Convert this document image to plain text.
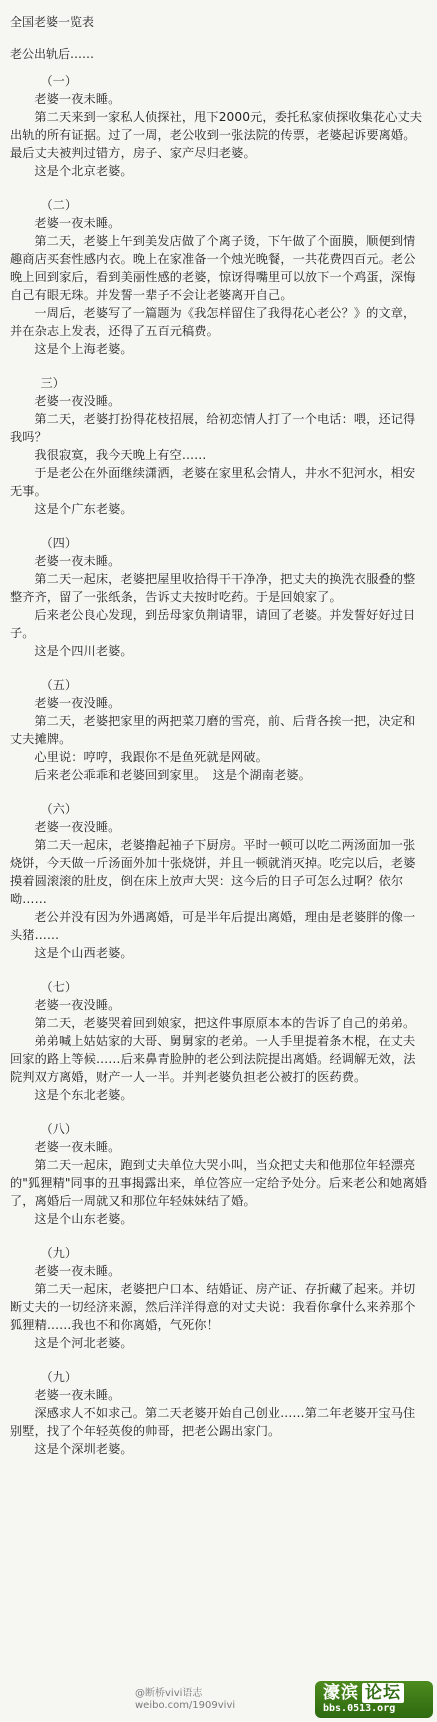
全国老婆一览表
老公出轨后……
（一）
老婆一夜未睡。
第二天来到一家私人侦探社，甩下2000元，委托私家侦探收集花心丈夫出轨的所有证据。过了一周，老公收到一张法院的传票，老婆起诉要离婚。最后丈夫被判过错方，房子、家产尽归老婆。
这是个北京老婆。
（二）
老婆一夜未睡。
第二天，老婆上午到美发店做了个离子烫，下午做了个面膜，顺便到情趣商店买套性感内衣。晚上在家准备一个烛光晚餐，一共花费四百元。老公晚上回到家后，看到美丽性感的老婆，惊讶得嘴里可以放下一个鸡蛋，深悔自己有眼无珠。并发誓一辈子不会让老婆离开自己。
一周后，老婆写了一篇题为《我怎样留住了我得花心老公？》的文章，并在杂志上发表，还得了五百元稿费。
这是个上海老婆。
三）
老婆一夜没睡。
第二天，老婆打扮得花枝招展，给初恋情人打了一个电话：喂，还记得我吗？
我很寂寞，我今天晚上有空……
于是老公在外面继续潇洒，老婆在家里私会情人，井水不犯河水，相安无事。
这是个广东老婆。
（四）
老婆一夜未睡。
第二天一起床，老婆把屋里收拾得干干净净，把丈夫的换洗衣服叠的整整齐齐，留了一张纸条，告诉丈夫按时吃药。于是回娘家了。
后来老公良心发现，到岳母家负荆请罪，请回了老婆。并发誓好好过日子。
这是个四川老婆。
（五）
老婆一夜没睡。
第二天，老婆把家里的两把菜刀磨的雪亮，前、后背各挨一把，决定和丈夫摊牌。
心里说：哼哼，我跟你不是鱼死就是网破。
后来老公乖乖和老婆回到家里。　这是个湖南老婆。
（六）
老婆一夜没睡。
第二天一起床，老婆撸起袖子下厨房。平时一顿可以吃二两汤面加一张烧饼，今天做一斤汤面外加十张烧饼，并且一顿就消灭掉。吃完以后，老婆摸着圆滚滚的肚皮，倒在床上放声大哭：这今后的日子可怎么过啊？依尔呦……
老公并没有因为外遇离婚，可是半年后提出离婚，理由是老婆胖的像一头猪……
这是个山西老婆。
（七）
老婆一夜没睡。
第二天，老婆哭着回到娘家，把这件事原原本本的告诉了自己的弟弟。
弟弟喊上姑姑家的大哥、舅舅家的老弟。一人手里提着条木棍，在丈夫回家的路上等候……后来鼻青脸肿的老公到法院提出离婚。经调解无效，法院判双方离婚，财产一人一半。并判老婆负担老公被打的医药费。
这是个东北老婆。
（八）
老婆一夜未睡。
第二天一起床，跑到丈夫单位大哭小叫，当众把丈夫和他那位年轻漂亮的"狐狸精"同事的丑事揭露出来，单位答应一定给予处分。后来老公和她离婚了，离婚后一周就又和那位年轻妹妹结了婚。
这是个山东老婆。
（九）
老婆一夜未睡。
第二天一起床，老婆把户口本、结婚证、房产证、存折藏了起来。并切断丈夫的一切经济来源，然后洋洋得意的对丈夫说：我看你拿什么来养那个狐狸精……我也不和你离婚，气死你！
这是个河北老婆。
（九）
老婆一夜未睡。
深感求人不如求己。第二天老婆开始自己创业……第二年老婆开宝马住别墅，找了个年轻英俊的帅哥，把老公踢出家门。
这是个深圳老婆。
@断桥vivi语志
weibo.com/1909vivi
濠滨 论坛
bbs.0513.org
